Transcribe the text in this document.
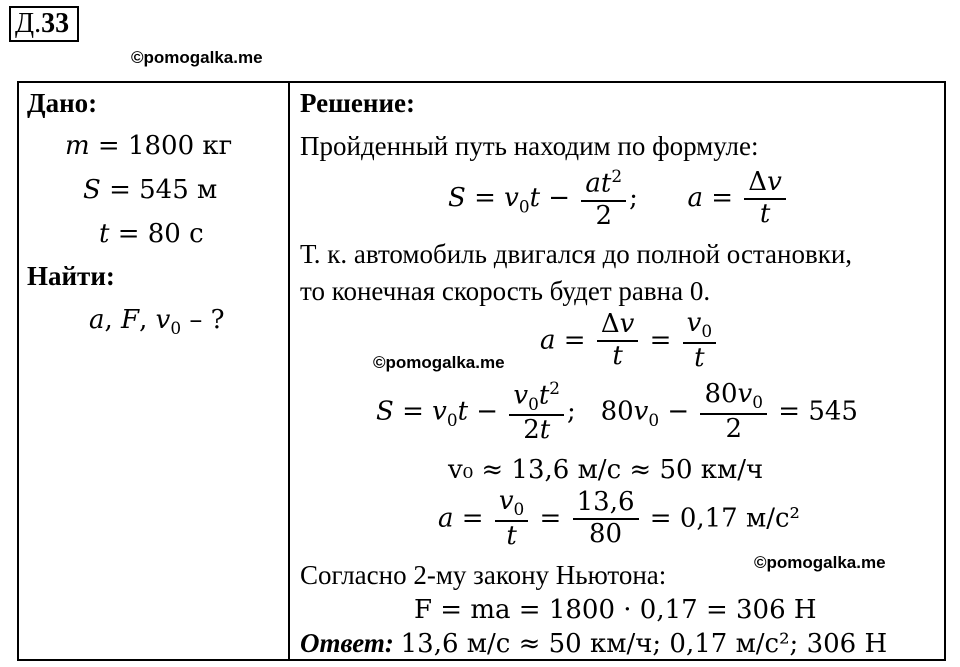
Д.33
©pomogalka.me
Дано:
m = 1800 кг
S = 545 м
t = 80 с
Найти:
a, F, $v_0$ – ?

Решение:
Пройденный путь находим по формуле:
$S = v_0t - \frac{at^2}{2}$ ;      $a = \frac{\Delta v}{t}$
Т. к. автомобиль двигался до полной остановки,
то конечная скорость будет равна 0.
©pomogalka.me
$a = \frac{\Delta v}{t} = \frac{v_0}{t}$
$S = v_0t - \frac{v_0t^2}{2t}$ ;   $80v_0 - \frac{80v_0}{2} = 545$
v₀ ≈ 13,6 м/с ≈ 50 км/ч
$a = \frac{v_0}{t} = \frac{13,6}{80} = 0,17$ м/с²
©pomogalka.me
Согласно 2-му закону Ньютона:
F = ma = 1800 · 0,17 = 306 Н
Ответ: 13,6 м/с ≈ 50 км/ч; 0,17 м/с²; 306 Н
